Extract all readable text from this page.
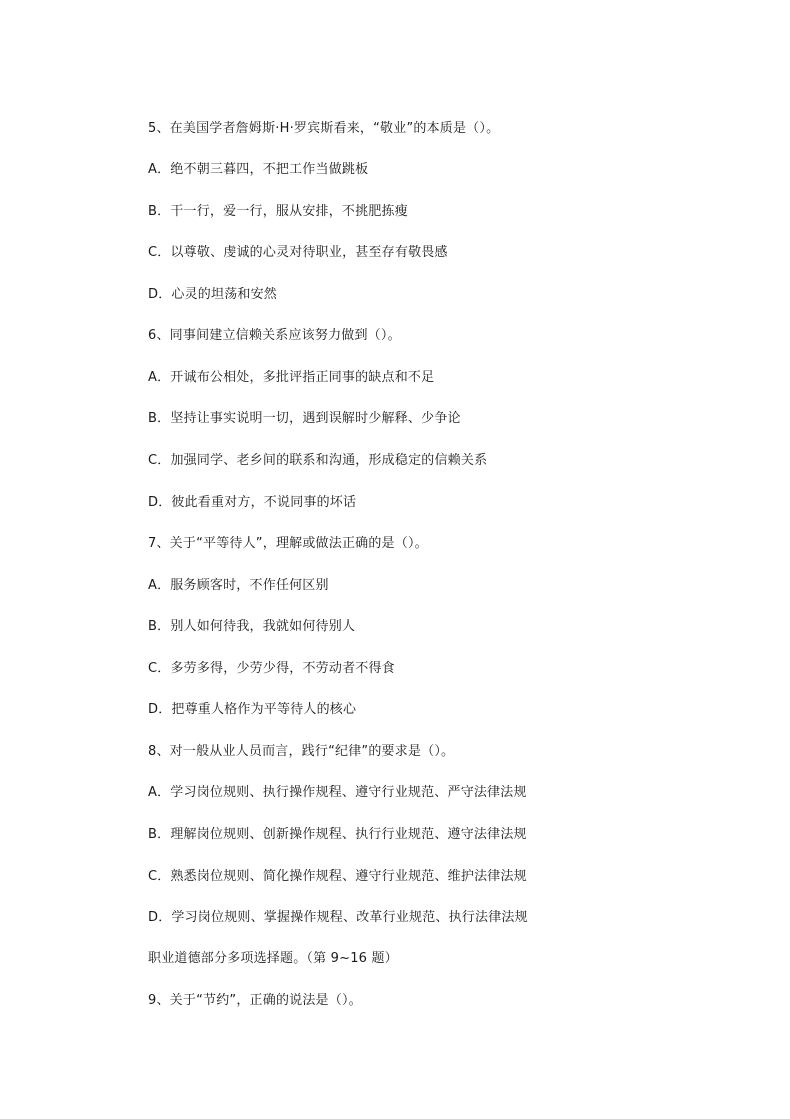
5、在美国学者詹姆斯·H·罗宾斯看来，“敬业”的本质是（）。
A．绝不朝三暮四，不把工作当做跳板
B．干一行，爱一行，服从安排，不挑肥拣瘦
C．以尊敬、虔诚的心灵对待职业，甚至存有敬畏感
D．心灵的坦荡和安然
6、同事间建立信赖关系应该努力做到（）。
A．开诚布公相处，多批评指正同事的缺点和不足
B．坚持让事实说明一切，遇到误解时少解释、少争论
C．加强同学、老乡间的联系和沟通，形成稳定的信赖关系
D．彼此看重对方，不说同事的坏话
7、关于“平等待人”，理解或做法正确的是（）。
A．服务顾客时，不作任何区别
B．别人如何待我，我就如何待别人
C．多劳多得，少劳少得，不劳动者不得食
D．把尊重人格作为平等待人的核心
8、对一般从业人员而言，践行“纪律”的要求是（）。
A．学习岗位规则、执行操作规程、遵守行业规范、严守法律法规
B．理解岗位规则、创新操作规程、执行行业规范、遵守法律法规
C．熟悉岗位规则、简化操作规程、遵守行业规范、维护法律法规
D．学习岗位规则、掌握操作规程、改革行业规范、执行法律法规
职业道德部分多项选择题。（第 9~16 题）
9、关于“节约”，正确的说法是（）。
